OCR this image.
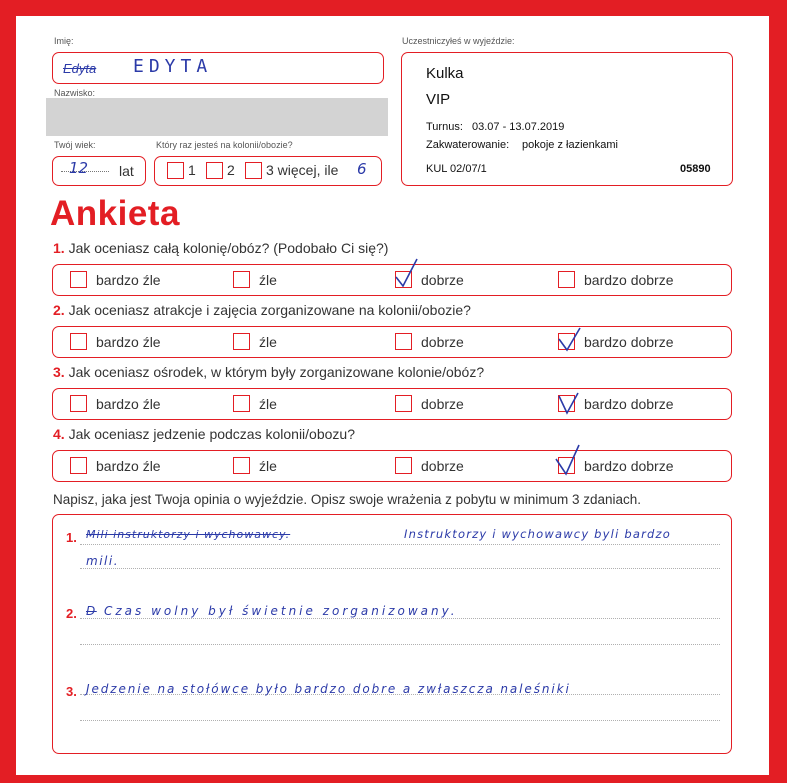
Imię:
Edyta EDYTA
Nazwisko:
Twój wiek:
12 lat
Który raz jesteś na kolonii/obozie?
1 2 3 więcej, ile 6
Uczestniczyłeś w wyjeździe:
Kulka
VIP
Turnus: 03.07 - 13.07.2019
Zakwaterowanie: pokoje z łazienkami
KUL 02/07/1	05890
Ankieta
1. Jak oceniasz całą kolonię/obóz? (Podobało Ci się?)
bardzo źle	źle	dobrze	bardzo dobrze
2. Jak oceniasz atrakcje i zajęcia zorganizowane na kolonii/obozie?
bardzo źle	źle	dobrze	bardzo dobrze
3. Jak oceniasz ośrodek, w którym były zorganizowane kolonie/obóz?
bardzo źle	źle	dobrze	bardzo dobrze
4. Jak oceniasz jedzenie podczas kolonii/obozu?
bardzo źle	źle	dobrze	bardzo dobrze
Napisz, jaka jest Twoja opinia o wyjeździe. Opisz swoje wrażenia z pobytu w minimum 3 zdaniach.
1. Mili instruktorzy i wychowawcy.	Instruktorzy i wychowawcy byli bardzo
mili.
2. D Czas wolny był świetnie zorganizowany.
3. Jedzenie na stołówce było bardzo dobre a zwłaszcza naleśniki
